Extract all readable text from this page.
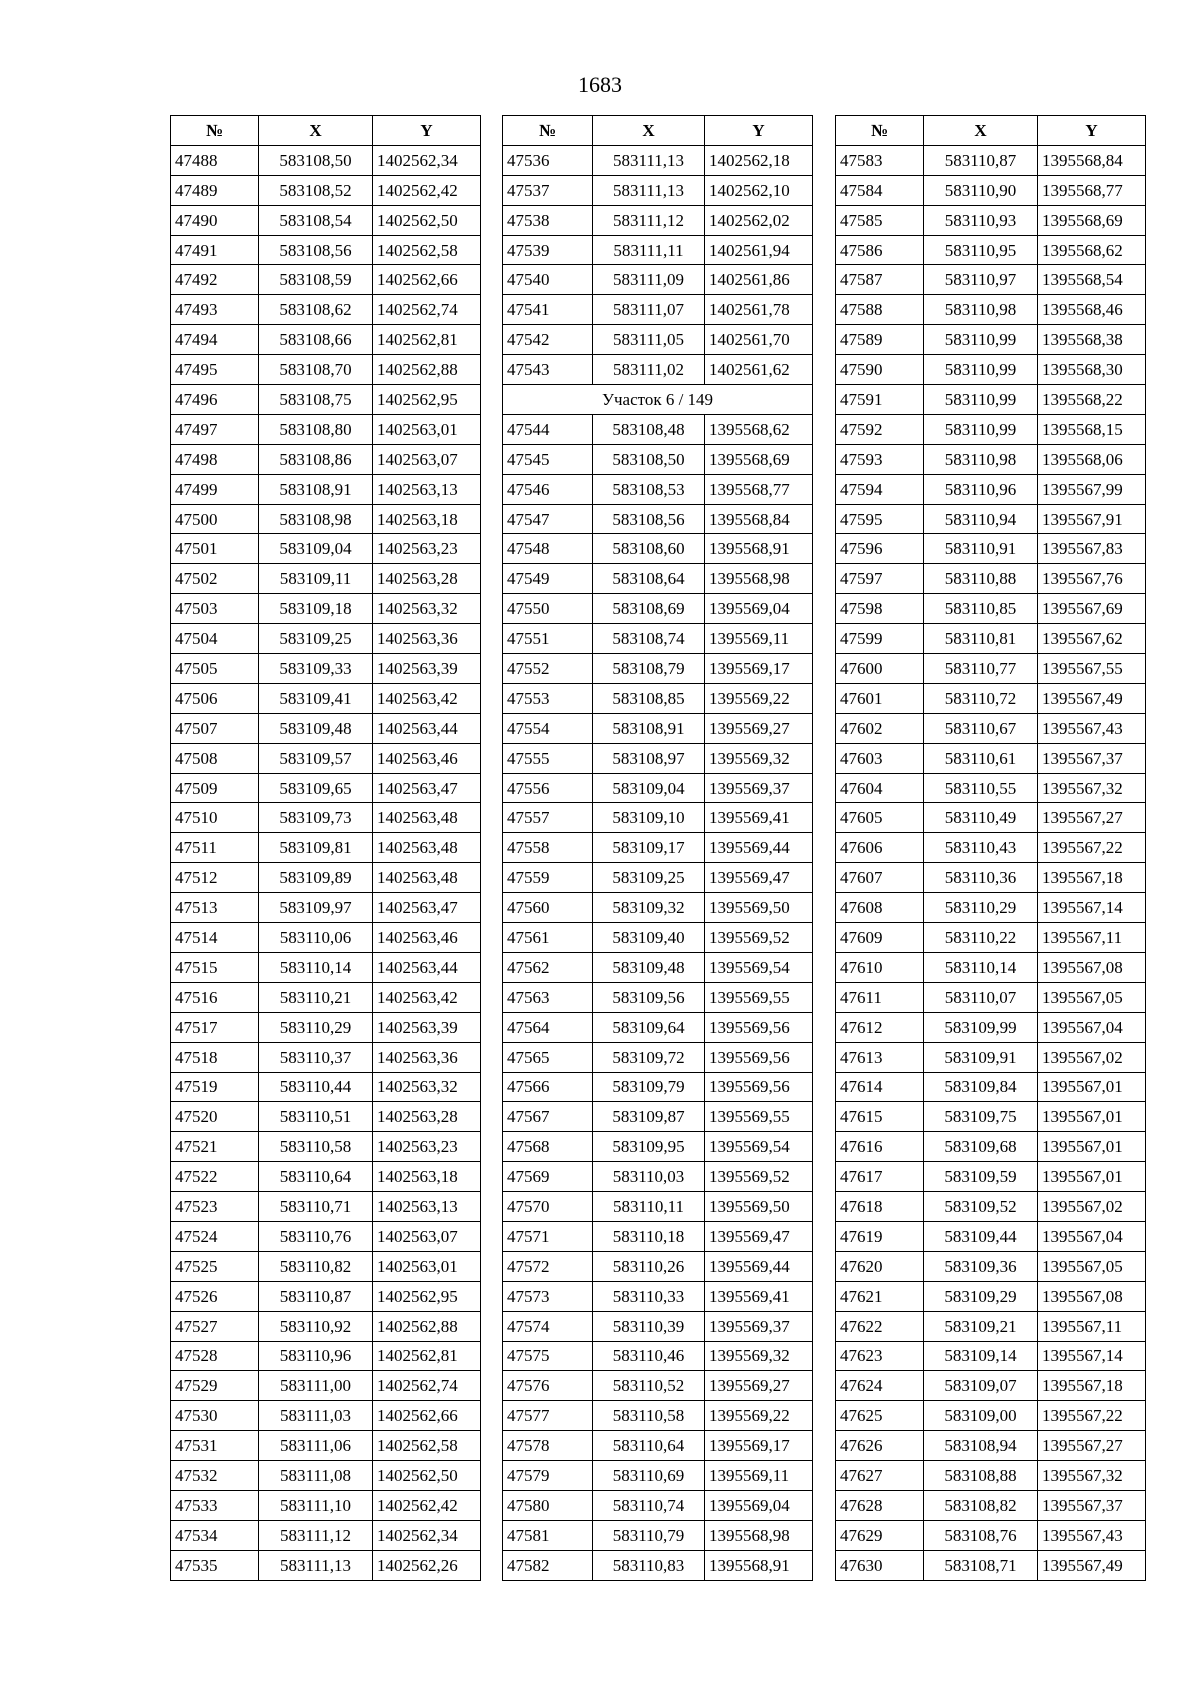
1683
№	X	Y
47488	583108,50	1402562,34
47489	583108,52	1402562,42
47490	583108,54	1402562,50
47491	583108,56	1402562,58
47492	583108,59	1402562,66
47493	583108,62	1402562,74
47494	583108,66	1402562,81
47495	583108,70	1402562,88
47496	583108,75	1402562,95
47497	583108,80	1402563,01
47498	583108,86	1402563,07
47499	583108,91	1402563,13
47500	583108,98	1402563,18
47501	583109,04	1402563,23
47502	583109,11	1402563,28
47503	583109,18	1402563,32
47504	583109,25	1402563,36
47505	583109,33	1402563,39
47506	583109,41	1402563,42
47507	583109,48	1402563,44
47508	583109,57	1402563,46
47509	583109,65	1402563,47
47510	583109,73	1402563,48
47511	583109,81	1402563,48
47512	583109,89	1402563,48
47513	583109,97	1402563,47
47514	583110,06	1402563,46
47515	583110,14	1402563,44
47516	583110,21	1402563,42
47517	583110,29	1402563,39
47518	583110,37	1402563,36
47519	583110,44	1402563,32
47520	583110,51	1402563,28
47521	583110,58	1402563,23
47522	583110,64	1402563,18
47523	583110,71	1402563,13
47524	583110,76	1402563,07
47525	583110,82	1402563,01
47526	583110,87	1402562,95
47527	583110,92	1402562,88
47528	583110,96	1402562,81
47529	583111,00	1402562,74
47530	583111,03	1402562,66
47531	583111,06	1402562,58
47532	583111,08	1402562,50
47533	583111,10	1402562,42
47534	583111,12	1402562,34
47535	583111,13	1402562,26
№	X	Y
47536	583111,13	1402562,18
47537	583111,13	1402562,10
47538	583111,12	1402562,02
47539	583111,11	1402561,94
47540	583111,09	1402561,86
47541	583111,07	1402561,78
47542	583111,05	1402561,70
47543	583111,02	1402561,62
Участок 6 / 149		
47544	583108,48	1395568,62
47545	583108,50	1395568,69
47546	583108,53	1395568,77
47547	583108,56	1395568,84
47548	583108,60	1395568,91
47549	583108,64	1395568,98
47550	583108,69	1395569,04
47551	583108,74	1395569,11
47552	583108,79	1395569,17
47553	583108,85	1395569,22
47554	583108,91	1395569,27
47555	583108,97	1395569,32
47556	583109,04	1395569,37
47557	583109,10	1395569,41
47558	583109,17	1395569,44
47559	583109,25	1395569,47
47560	583109,32	1395569,50
47561	583109,40	1395569,52
47562	583109,48	1395569,54
47563	583109,56	1395569,55
47564	583109,64	1395569,56
47565	583109,72	1395569,56
47566	583109,79	1395569,56
47567	583109,87	1395569,55
47568	583109,95	1395569,54
47569	583110,03	1395569,52
47570	583110,11	1395569,50
47571	583110,18	1395569,47
47572	583110,26	1395569,44
47573	583110,33	1395569,41
47574	583110,39	1395569,37
47575	583110,46	1395569,32
47576	583110,52	1395569,27
47577	583110,58	1395569,22
47578	583110,64	1395569,17
47579	583110,69	1395569,11
47580	583110,74	1395569,04
47581	583110,79	1395568,98
47582	583110,83	1395568,91
№	X	Y
47583	583110,87	1395568,84
47584	583110,90	1395568,77
47585	583110,93	1395568,69
47586	583110,95	1395568,62
47587	583110,97	1395568,54
47588	583110,98	1395568,46
47589	583110,99	1395568,38
47590	583110,99	1395568,30
47591	583110,99	1395568,22
47592	583110,99	1395568,15
47593	583110,98	1395568,06
47594	583110,96	1395567,99
47595	583110,94	1395567,91
47596	583110,91	1395567,83
47597	583110,88	1395567,76
47598	583110,85	1395567,69
47599	583110,81	1395567,62
47600	583110,77	1395567,55
47601	583110,72	1395567,49
47602	583110,67	1395567,43
47603	583110,61	1395567,37
47604	583110,55	1395567,32
47605	583110,49	1395567,27
47606	583110,43	1395567,22
47607	583110,36	1395567,18
47608	583110,29	1395567,14
47609	583110,22	1395567,11
47610	583110,14	1395567,08
47611	583110,07	1395567,05
47612	583109,99	1395567,04
47613	583109,91	1395567,02
47614	583109,84	1395567,01
47615	583109,75	1395567,01
47616	583109,68	1395567,01
47617	583109,59	1395567,01
47618	583109,52	1395567,02
47619	583109,44	1395567,04
47620	583109,36	1395567,05
47621	583109,29	1395567,08
47622	583109,21	1395567,11
47623	583109,14	1395567,14
47624	583109,07	1395567,18
47625	583109,00	1395567,22
47626	583108,94	1395567,27
47627	583108,88	1395567,32
47628	583108,82	1395567,37
47629	583108,76	1395567,43
47630	583108,71	1395567,49
